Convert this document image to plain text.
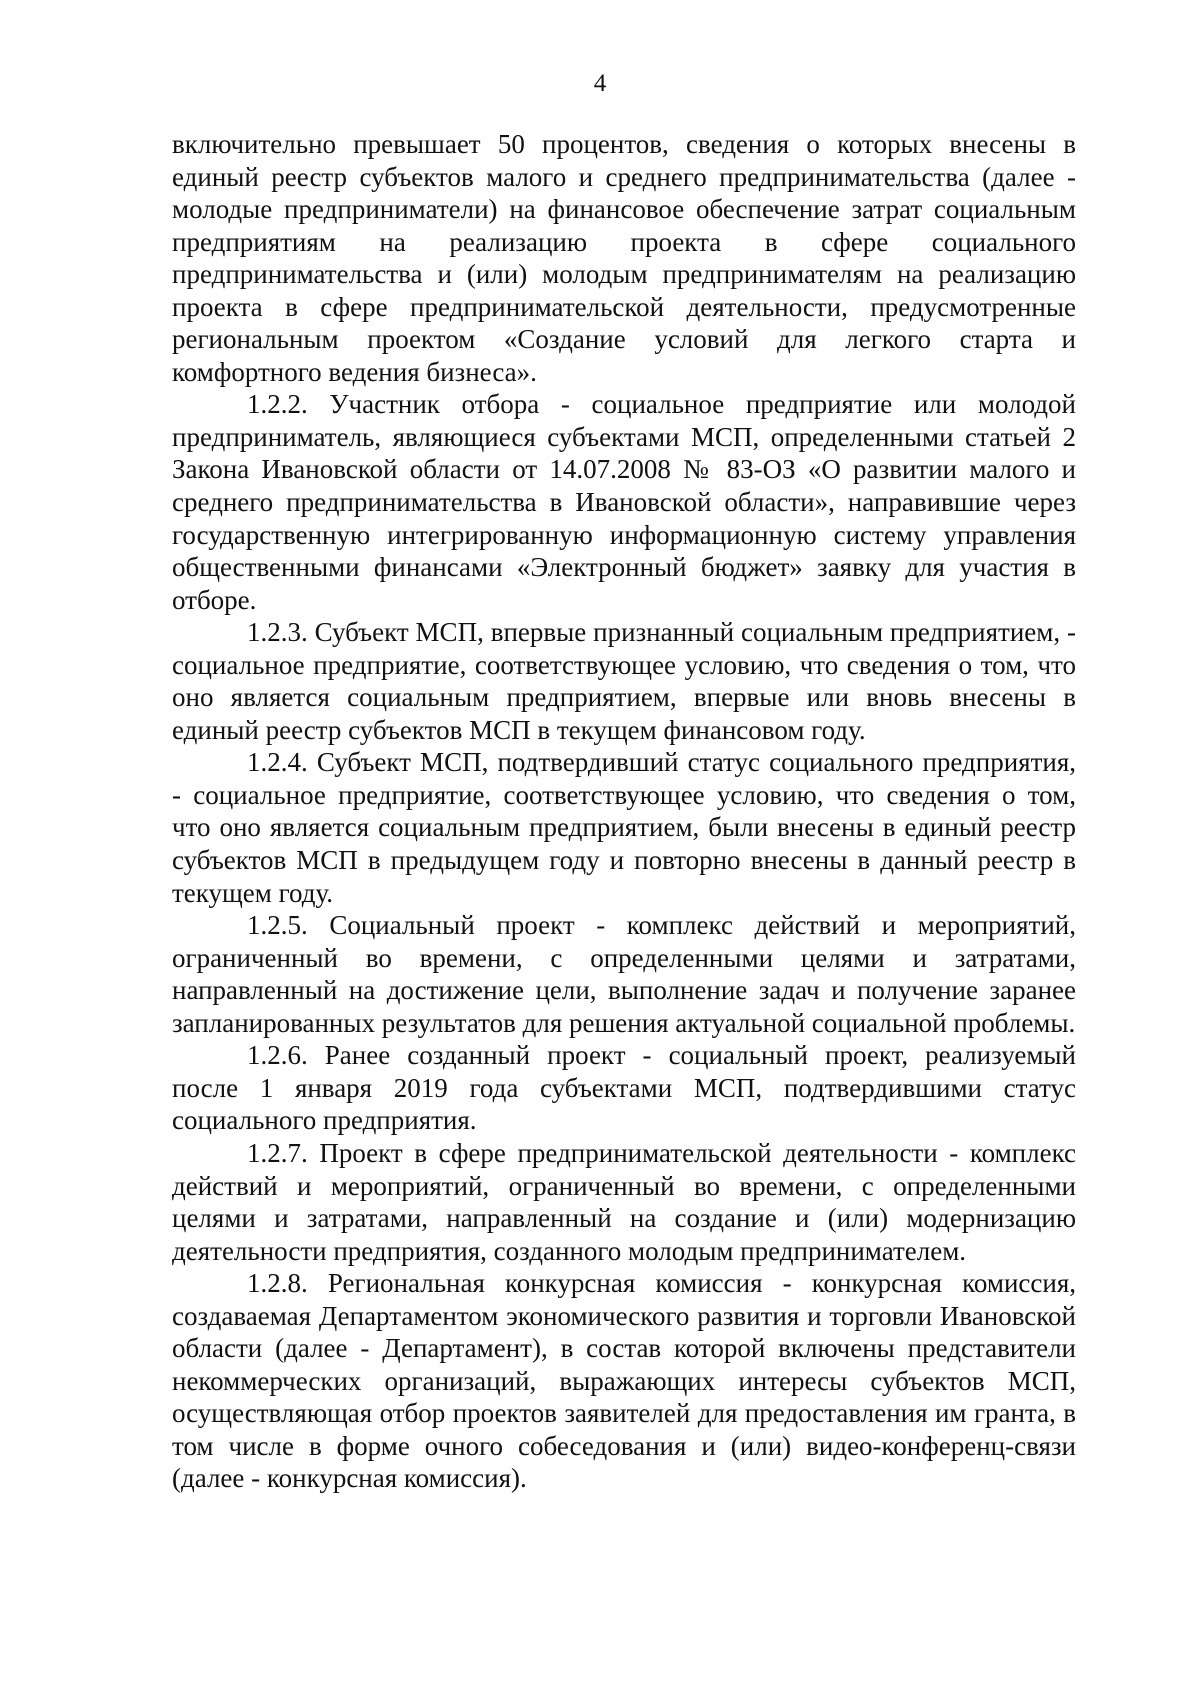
4

включительно превышает 50 процентов, сведения о которых внесены в единый реестр субъектов малого и среднего предпринимательства (далее - молодые предприниматели) на финансовое обеспечение затрат социальным предприятиям на реализацию проекта в сфере социального предпринимательства и (или) молодым предпринимателям на реализацию проекта в сфере предпринимательской деятельности, предусмотренные региональным проектом «Создание условий для легкого старта и комфортного ведения бизнеса».

1.2.2. Участник отбора - социальное предприятие или молодой предприниматель, являющиеся субъектами МСП, определенными статьей 2 Закона Ивановской области от 14.07.2008 № 83-ОЗ «О развитии малого и среднего предпринимательства в Ивановской области», направившие через государственную интегрированную информационную систему управления общественными финансами «Электронный бюджет» заявку для участия в отборе.

1.2.3. Субъект МСП, впервые признанный социальным предприятием, - социальное предприятие, соответствующее условию, что сведения о том, что оно является социальным предприятием, впервые или вновь внесены в единый реестр субъектов МСП в текущем финансовом году.

1.2.4. Субъект МСП, подтвердивший статус социального предприятия, - социальное предприятие, соответствующее условию, что сведения о том, что оно является социальным предприятием, были внесены в единый реестр субъектов МСП в предыдущем году и повторно внесены в данный реестр в текущем году.

1.2.5. Социальный проект - комплекс действий и мероприятий, ограниченный во времени, с определенными целями и затратами, направленный на достижение цели, выполнение задач и получение заранее запланированных результатов для решения актуальной социальной проблемы.

1.2.6. Ранее созданный проект - социальный проект, реализуемый после 1 января 2019 года субъектами МСП, подтвердившими статус социального предприятия.

1.2.7. Проект в сфере предпринимательской деятельности - комплекс действий и мероприятий, ограниченный во времени, с определенными целями и затратами, направленный на создание и (или) модернизацию деятельности предприятия, созданного молодым предпринимателем.

1.2.8. Региональная конкурсная комиссия - конкурсная комиссия, создаваемая Департаментом экономического развития и торговли Ивановской области (далее - Департамент), в состав которой включены представители некоммерческих организаций, выражающих интересы субъектов МСП, осуществляющая отбор проектов заявителей для предоставления им гранта, в том числе в форме очного собеседования и (или) видео-конференц-связи (далее - конкурсная комиссия).
